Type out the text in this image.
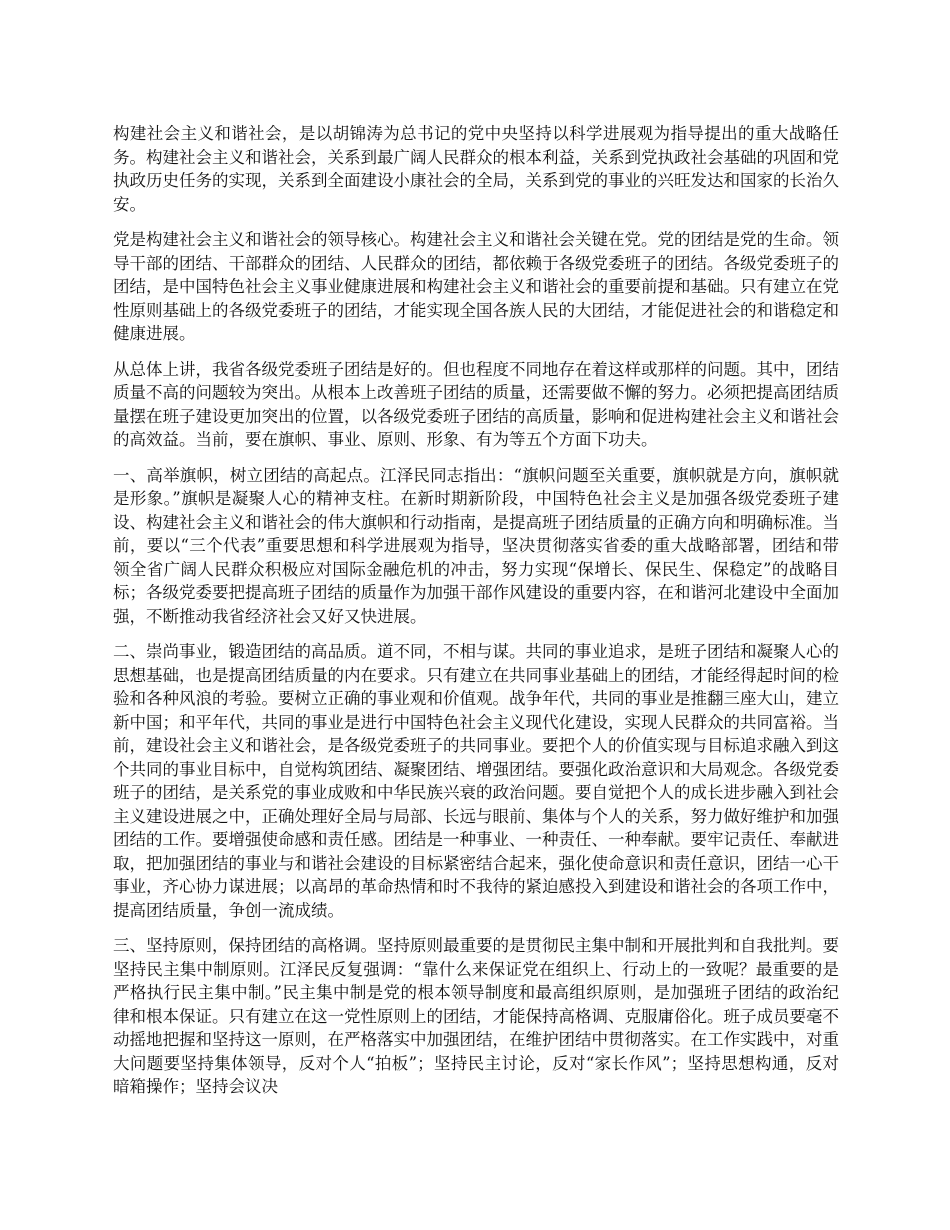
构建社会主义和谐社会，是以胡锦涛为总书记的党中央坚持以科学进展观为指导提出的重大战略任务。构建社会主义和谐社会，关系到最广阔人民群众的根本利益，关系到党执政社会基础的巩固和党执政历史任务的实现，关系到全面建设小康社会的全局，关系到党的事业的兴旺发达和国家的长治久安。

党是构建社会主义和谐社会的领导核心。构建社会主义和谐社会关键在党。党的团结是党的生命。领导干部的团结、干部群众的团结、人民群众的团结，都依赖于各级党委班子的团结。各级党委班子的团结，是中国特色社会主义事业健康进展和构建社会主义和谐社会的重要前提和基础。只有建立在党性原则基础上的各级党委班子的团结，才能实现全国各族人民的大团结，才能促进社会的和谐稳定和健康进展。

从总体上讲，我省各级党委班子团结是好的。但也程度不同地存在着这样或那样的问题。其中，团结质量不高的问题较为突出。从根本上改善班子团结的质量，还需要做不懈的努力。必须把提高团结质量摆在班子建设更加突出的位置，以各级党委班子团结的高质量，影响和促进构建社会主义和谐社会的高效益。当前，要在旗帜、事业、原则、形象、有为等五个方面下功夫。

一、高举旗帜，树立团结的高起点。江泽民同志指出：“旗帜问题至关重要，旗帜就是方向，旗帜就是形象。”旗帜是凝聚人心的精神支柱。在新时期新阶段，中国特色社会主义是加强各级党委班子建设、构建社会主义和谐社会的伟大旗帜和行动指南，是提高班子团结质量的正确方向和明确标准。当前，要以“三个代表”重要思想和科学进展观为指导，坚决贯彻落实省委的重大战略部署，团结和带领全省广阔人民群众积极应对国际金融危机的冲击，努力实现“保增长、保民生、保稳定”的战略目标；各级党委要把提高班子团结的质量作为加强干部作风建设的重要内容，在和谐河北建设中全面加强，不断推动我省经济社会又好又快进展。

二、崇尚事业，锻造团结的高品质。道不同，不相与谋。共同的事业追求，是班子团结和凝聚人心的思想基础，也是提高团结质量的内在要求。只有建立在共同事业基础上的团结，才能经得起时间的检验和各种风浪的考验。要树立正确的事业观和价值观。战争年代，共同的事业是推翻三座大山，建立新中国；和平年代，共同的事业是进行中国特色社会主义现代化建设，实现人民群众的共同富裕。当前，建设社会主义和谐社会，是各级党委班子的共同事业。要把个人的价值实现与目标追求融入到这个共同的事业目标中，自觉构筑团结、凝聚团结、增强团结。要强化政治意识和大局观念。各级党委班子的团结，是关系党的事业成败和中华民族兴衰的政治问题。要自觉把个人的成长进步融入到社会主义建设进展之中，正确处理好全局与局部、长远与眼前、集体与个人的关系，努力做好维护和加强团结的工作。要增强使命感和责任感。团结是一种事业、一种责任、一种奉献。要牢记责任、奉献进取，把加强团结的事业与和谐社会建设的目标紧密结合起来，强化使命意识和责任意识，团结一心干事业，齐心协力谋进展；以高昂的革命热情和时不我待的紧迫感投入到建设和谐社会的各项工作中，提高团结质量，争创一流成绩。

三、坚持原则，保持团结的高格调。坚持原则最重要的是贯彻民主集中制和开展批判和自我批判。要坚持民主集中制原则。江泽民反复强调：“靠什么来保证党在组织上、行动上的一致呢？最重要的是严格执行民主集中制。”民主集中制是党的根本领导制度和最高组织原则，是加强班子团结的政治纪律和根本保证。只有建立在这一党性原则上的团结，才能保持高格调、克服庸俗化。班子成员要毫不动摇地把握和坚持这一原则，在严格落实中加强团结，在维护团结中贯彻落实。在工作实践中，对重大问题要坚持集体领导，反对个人“拍板”；坚持民主讨论，反对“家长作风”；坚持思想构通，反对暗箱操作；坚持会议决
